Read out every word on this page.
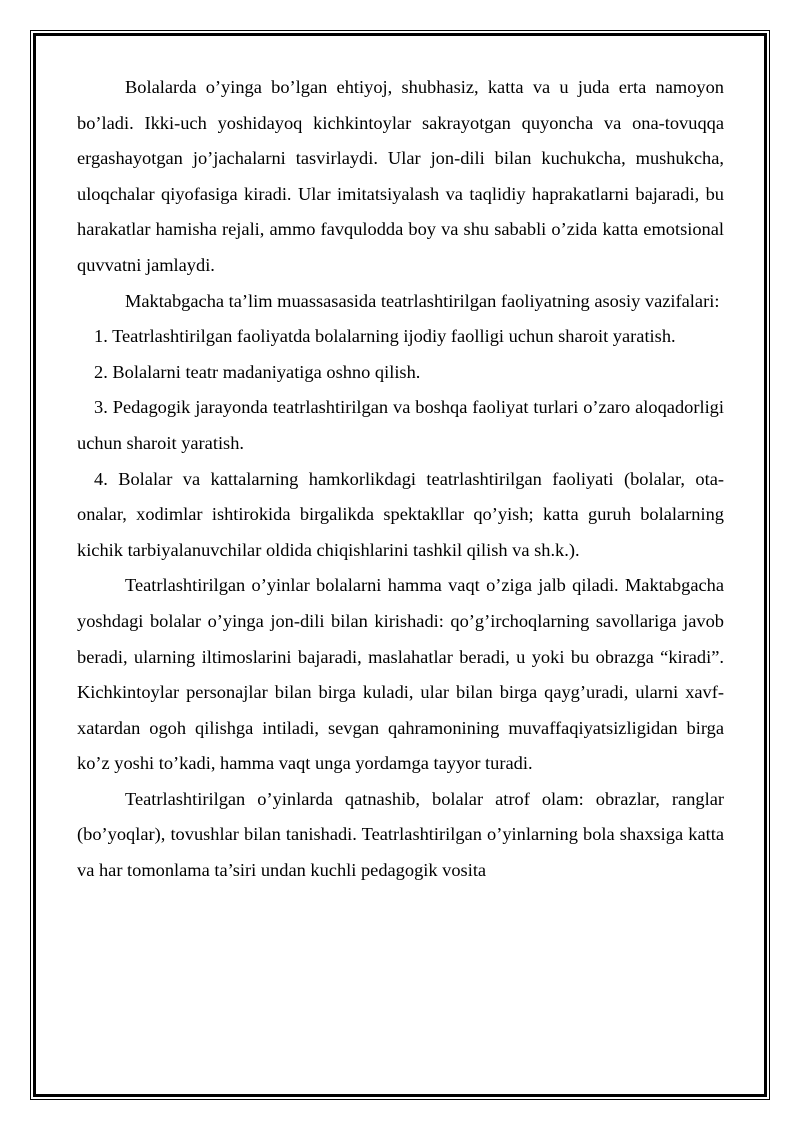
Bolalarda o’yinga bo’lgan ehtiyoj, shubhasiz, katta va u juda erta namoyon bo’ladi. Ikki-uch yoshidayoq kichkintoylar sakrayotgan quyoncha va ona-tovuqqa ergashayotgan jo’jachalarni tasvirlaydi. Ular jon-dili bilan kuchukcha, mushukcha, uloqchalar qiyofasiga kiradi. Ular imitatsiyalash va taqlidiy haprakatlarni bajaradi, bu harakatlar hamisha rejali, ammo favqulodda boy va shu sababli o’zida katta emotsional quvvatni jamlaydi.

Maktabgacha ta’lim muassasasida teatrlashtirilgan faoliyatning asosiy vazifalari:

1. Teatrlashtirilgan faoliyatda bolalarning ijodiy faolligi uchun sharoit yaratish.

2. Bolalarni teatr madaniyatiga oshno qilish.

3. Pedagogik jarayonda teatrlashtirilgan va boshqa faoliyat turlari o’zaro aloqadorligi uchun sharoit yaratish.

4. Bolalar va kattalarning hamkorlikdagi teatrlashtirilgan faoliyati (bolalar, ota-onalar, xodimlar ishtirokida birgalikda spektakllar qo’yish; katta guruh bolalarning kichik tarbiyalanuvchilar oldida chiqishlarini tashkil qilish va sh.k.).

Teatrlashtirilgan o’yinlar bolalarni hamma vaqt o’ziga jalb qiladi. Maktabgacha yoshdagi bolalar o’yinga jon-dili bilan kirishadi: qo’g’irchoqlarning savollariga javob beradi, ularning iltimoslarini bajaradi, maslahatlar beradi, u yoki bu obrazga “kiradi”. Kichkintoylar personajlar bilan birga kuladi, ular bilan birga qayg’uradi, ularni xavf-xatardan ogoh qilishga intiladi, sevgan qahramonining muvaffaqiyatsizligidan birga ko’z yoshi to’kadi, hamma vaqt unga yordamga tayyor turadi.

Teatrlashtirilgan o’yinlarda qatnashib, bolalar atrof olam: obrazlar, ranglar (bo’yoqlar), tovushlar bilan tanishadi. Teatrlashtirilgan o’yinlarning bola shaxsiga katta va har tomonlama ta’siri undan kuchli pedagogik vosita
